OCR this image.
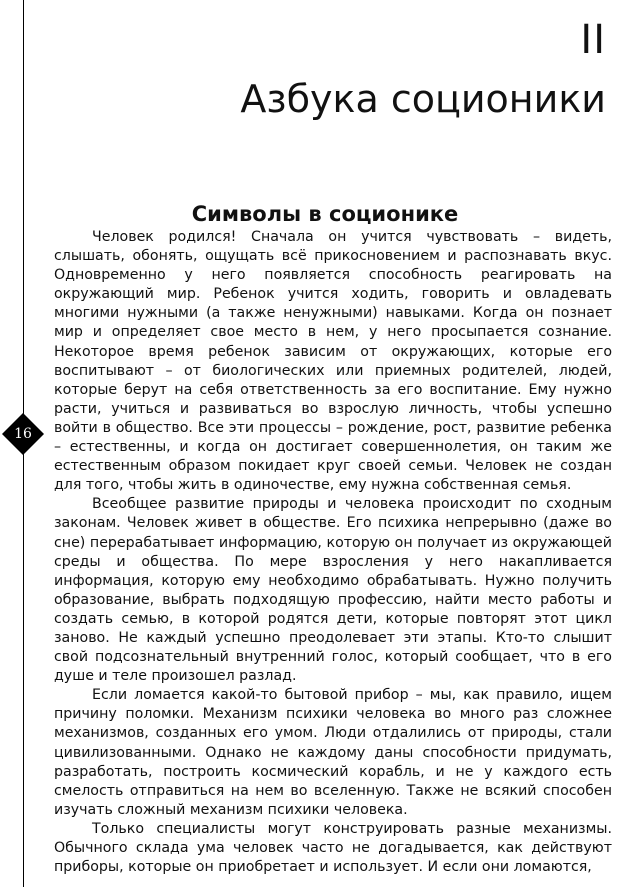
II
Азбука соционики
Символы в соционике
16

Человек родился! Сначала он учится чувствовать – видеть, слышать, обонять, ощущать всё прикосновением и распознавать вкус. Одновременно у него появляется способность реагировать на окружающий мир. Ребенок учится ходить, говорить и овладевать многими нужными (а также ненужными) навыками. Когда он познает мир и определяет свое место в нем, у него просыпается сознание. Некоторое время ребенок зависим от окружающих, которые его воспитывают – от биологических или приемных родителей, людей, которые берут на себя ответственность за его воспитание. Ему нужно расти, учиться и развиваться во взрослую личность, чтобы успешно войти в общество. Все эти процессы – рождение, рост, развитие ребенка – естественны, и когда он достигает совершеннолетия, он таким же естественным образом покидает круг своей семьи. Человек не создан для того, чтобы жить в одиночестве, ему нужна собственная семья.

Всеобщее развитие природы и человека происходит по сходным законам. Человек живет в обществе. Его психика непрерывно (даже во сне) перерабатывает информацию, которую он получает из окружающей среды и общества. По мере взросления у него накапливается информация, которую ему необходимо обрабатывать. Нужно получить образование, выбрать подходящую профессию, найти место работы и создать семью, в которой родятся дети, которые повторят этот цикл заново. Не каждый успешно преодолевает эти этапы. Кто-то слышит свой подсознательный внутренний голос, который сообщает, что в его душе и теле произошел разлад.

Если ломается какой-то бытовой прибор – мы, как правило, ищем причину поломки. Механизм психики человека во много раз сложнее механизмов, созданных его умом. Люди отдалились от природы, стали цивилизованными. Однако не каждому даны способности придумать, разработать, построить космический корабль, и не у каждого есть смелость отправиться на нем во вселенную. Также не всякий способен изучать сложный механизм психики человека.

Только специалисты могут конструировать разные механизмы. Обычного склада ума человек часто не догадывается, как действуют приборы, которые он приобретает и использует. И если они ломаются,
